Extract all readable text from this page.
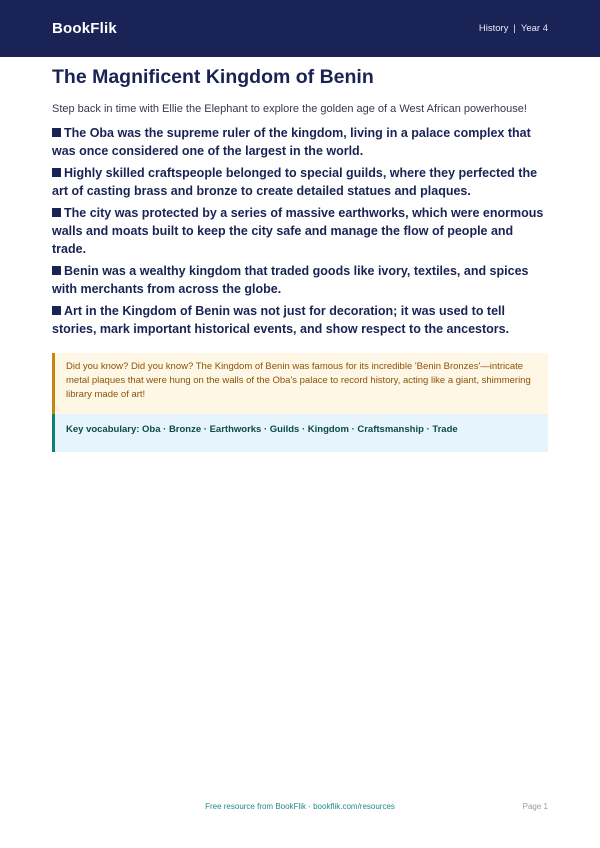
BookFlik	History | Year 4
The Magnificent Kingdom of Benin

Step back in time with Ellie the Elephant to explore the golden age of a West African powerhouse!

The Oba was the supreme ruler of the kingdom, living in a palace complex that was once considered one of the largest in the world.
Highly skilled craftspeople belonged to special guilds, where they perfected the art of casting brass and bronze to create detailed statues and plaques.
The city was protected by a series of massive earthworks, which were enormous walls and moats built to keep the city safe and manage the flow of people and trade.
Benin was a wealthy kingdom that traded goods like ivory, textiles, and spices with merchants from across the globe.
Art in the Kingdom of Benin was not just for decoration; it was used to tell stories, mark important historical events, and show respect to the ancestors.
Did you know? Did you know? The Kingdom of Benin was famous for its incredible 'Benin Bronzes'—intricate metal plaques that were hung on the walls of the Oba's palace to record history, acting like a giant, shimmering library made of art!
Key vocabulary: Oba · Bronze · Earthworks · Guilds · Kingdom · Craftsmanship · Trade
Free resource from BookFlik · bookflik.com/resources	Page 1
